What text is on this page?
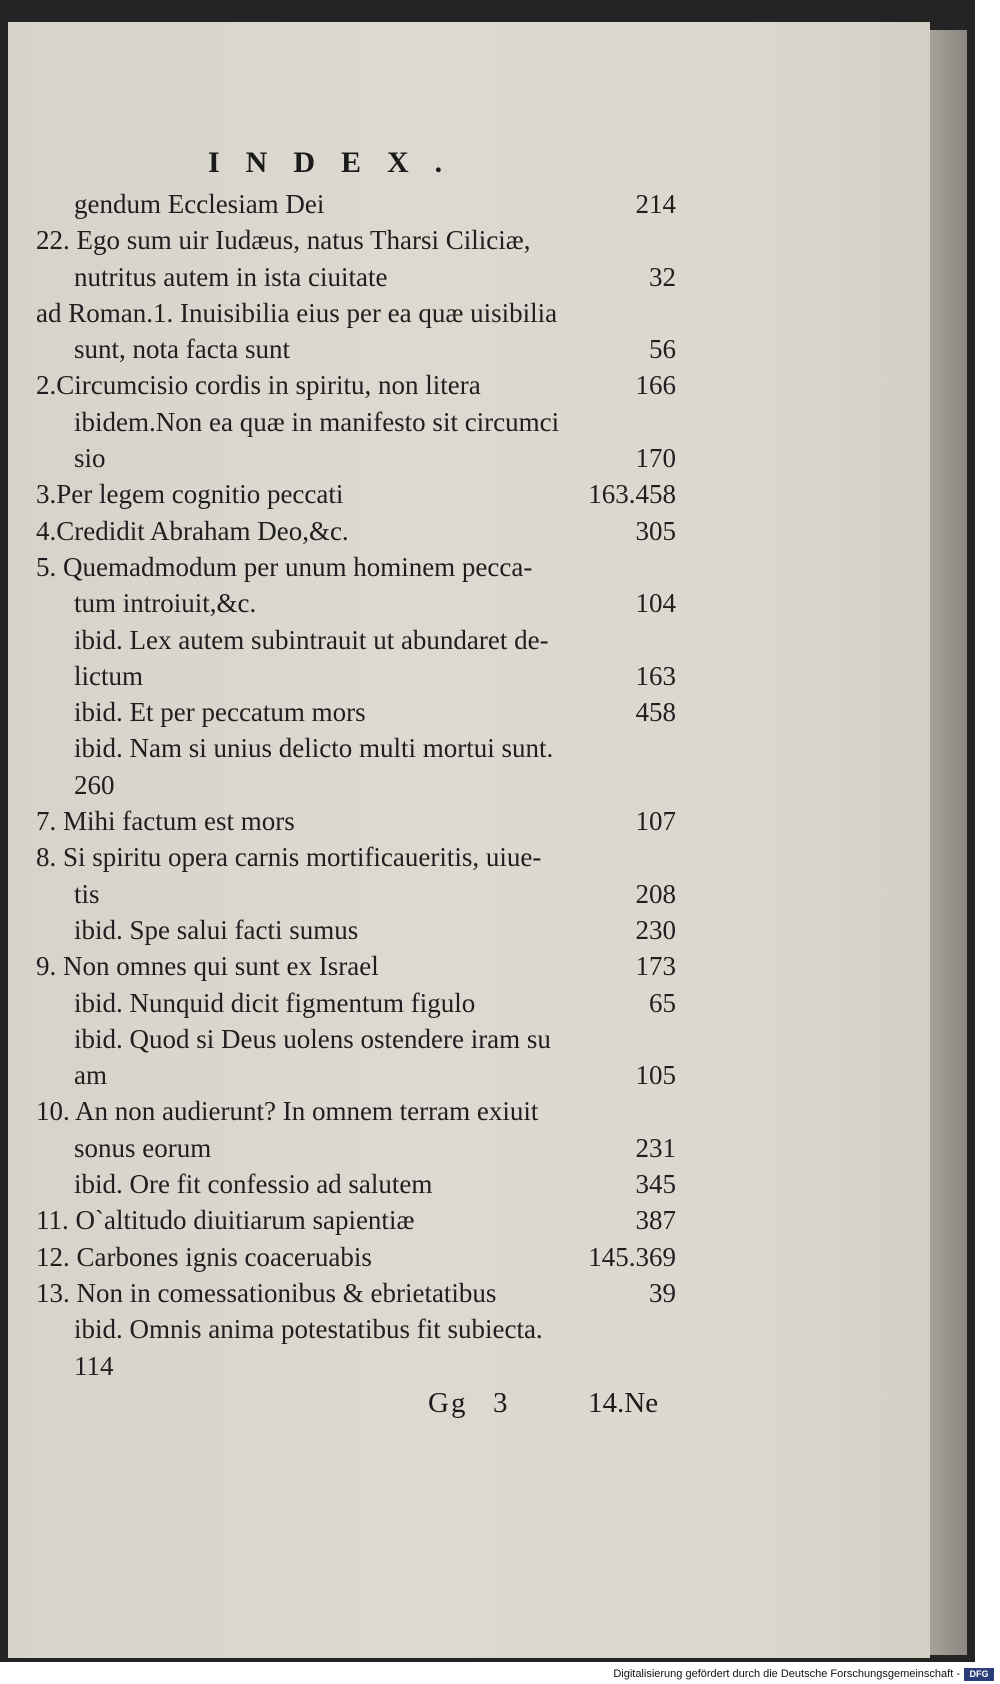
INDEX.
gendum Ecclesiam Dei	214
22. Ego sum uir Iudæus, natus Tharsi Ciliciæ,
nutritus autem in ista ciuitate	32
ad Roman.1. Inuisibilia eius per ea quæ uisibilia
sunt, nota facta sunt	56
2.Circumcisio cordis in spiritu, non litera	166
ibidem.Non ea quæ in manifesto sit circumci
sio	170
3.Per legem cognitio peccati	163.458
4.Credidit Abraham Deo,&c.	305
5. Quemadmodum per unum hominem pecca-
tum introiuit,&c.	104
ibid. Lex autem subintrauit ut abundaret de-
lictum	163
ibid. Et per peccatum mors	458
ibid. Nam si unius delicto multi mortui sunt.
260
7. Mihi factum est mors	107
8. Si spiritu opera carnis mortificaueritis, uiue-
tis	208
ibid. Spe salui facti sumus	230
9. Non omnes qui sunt ex Israel	173
ibid. Nunquid dicit figmentum figulo	65
ibid. Quod si Deus uolens ostendere iram su
am	105
10. An non audierunt? In omnem terram exiuit
sonus eorum	231
ibid. Ore fit confessio ad salutem	345
11. O`altitudo diuitiarum sapientiæ	387
12. Carbones ignis coaceruabis	145.369
13. Non in comessationibus & ebrietatibus	39
ibid. Omnis anima potestatibus fit subiecta.
114
Gg 3	14.Ne
Digitalisierung gefördert durch die Deutsche Forschungsgemeinschaft -	DFG
